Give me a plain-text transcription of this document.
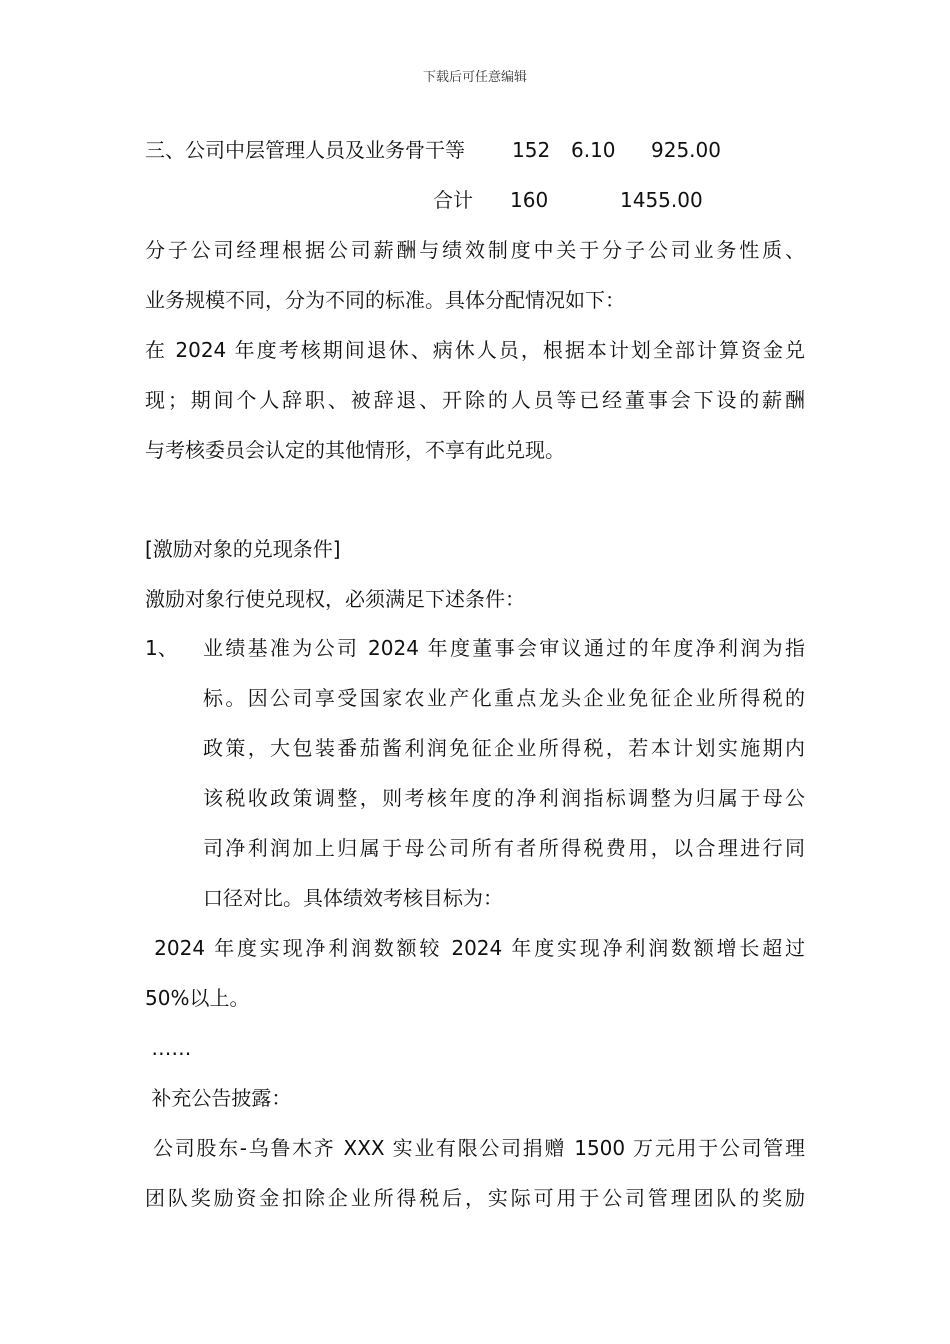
下载后可任意编辑
三、公司中层管理人员及业务骨干等 152 6.10 925.00
合计 160	1455.00
分子公司经理根据公司薪酬与绩效制度中关于分子公司业务性质、
业务规模不同，分为不同的标准。具体分配情况如下：
在 2024 年度考核期间退休、病休人员，根据本计划全部计算资金兑
现；期间个人辞职、被辞退、开除的人员等已经董事会下设的薪酬
与考核委员会认定的其他情形，不享有此兑现。
[激励对象的兑现条件]
激励对象行使兑现权，必须满足下述条件：
1、 业绩基准为公司 2024 年度董事会审议通过的年度净利润为指
标。因公司享受国家农业产化重点龙头企业免征企业所得税的
政策，大包装番茄酱利润免征企业所得税，若本计划实施期内
该税收政策调整，则考核年度的净利润指标调整为归属于母公
司净利润加上归属于母公司所有者所得税费用，以合理进行同
口径对比。具体绩效考核目标为：
2024 年度实现净利润数额较 2024 年度实现净利润数额增长超过
50%以上。
……
补充公告披露：
公司股东-乌鲁木齐 XXX 实业有限公司捐赠 1500 万元用于公司管理
团队奖励资金扣除企业所得税后，实际可用于公司管理团队的奖励
